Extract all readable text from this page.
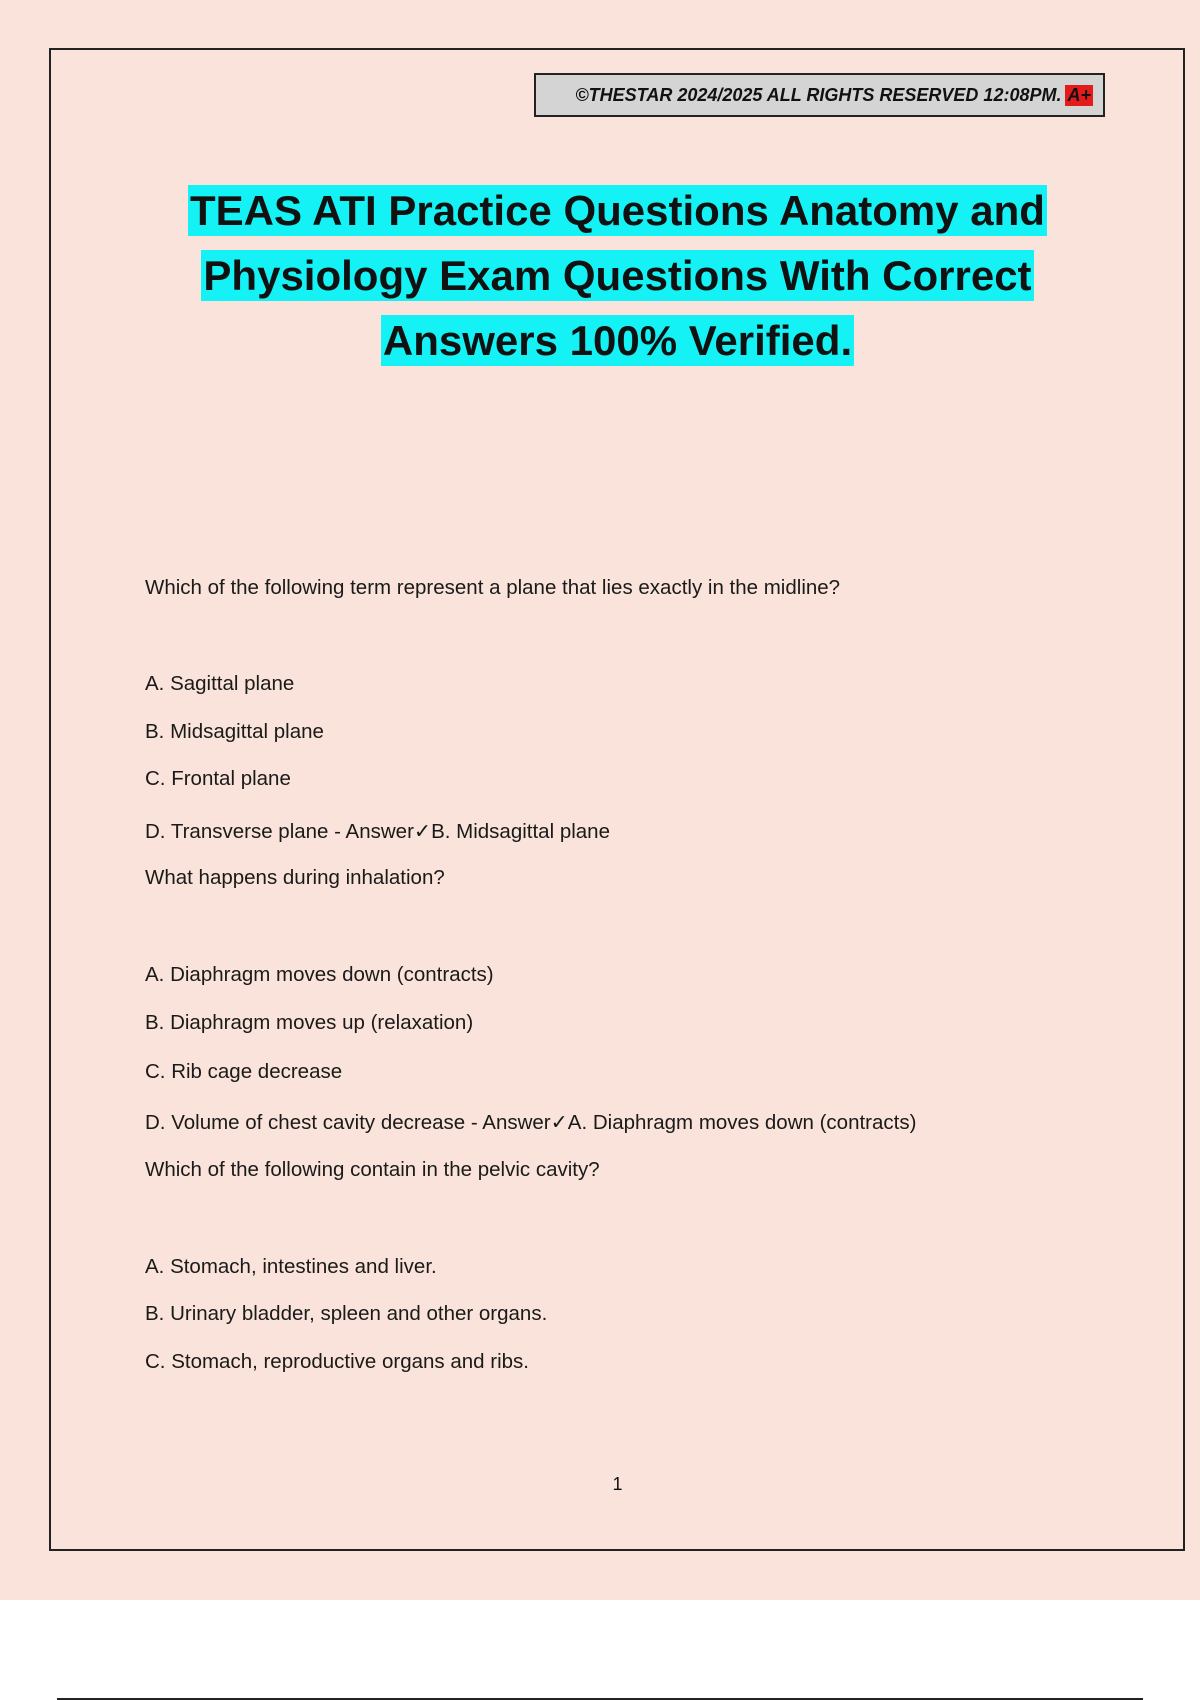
©THESTAR 2024/2025 ALL RIGHTS RESERVED 12:08PM. A+
TEAS ATI Practice Questions Anatomy and
Physiology Exam Questions With Correct
Answers 100% Verified.
Which of the following term represent a plane that lies exactly in the midline?
A. Sagittal plane
B. Midsagittal plane
C. Frontal plane
D. Transverse plane - Answer✓B. Midsagittal plane
What happens during inhalation?
A. Diaphragm moves down (contracts)
B. Diaphragm moves up (relaxation)
C. Rib cage decrease
D. Volume of chest cavity decrease - Answer✓A. Diaphragm moves down (contracts)
Which of the following contain in the pelvic cavity?
A. Stomach, intestines and liver.
B. Urinary bladder, spleen and other organs.
C. Stomach, reproductive organs and ribs.
1
